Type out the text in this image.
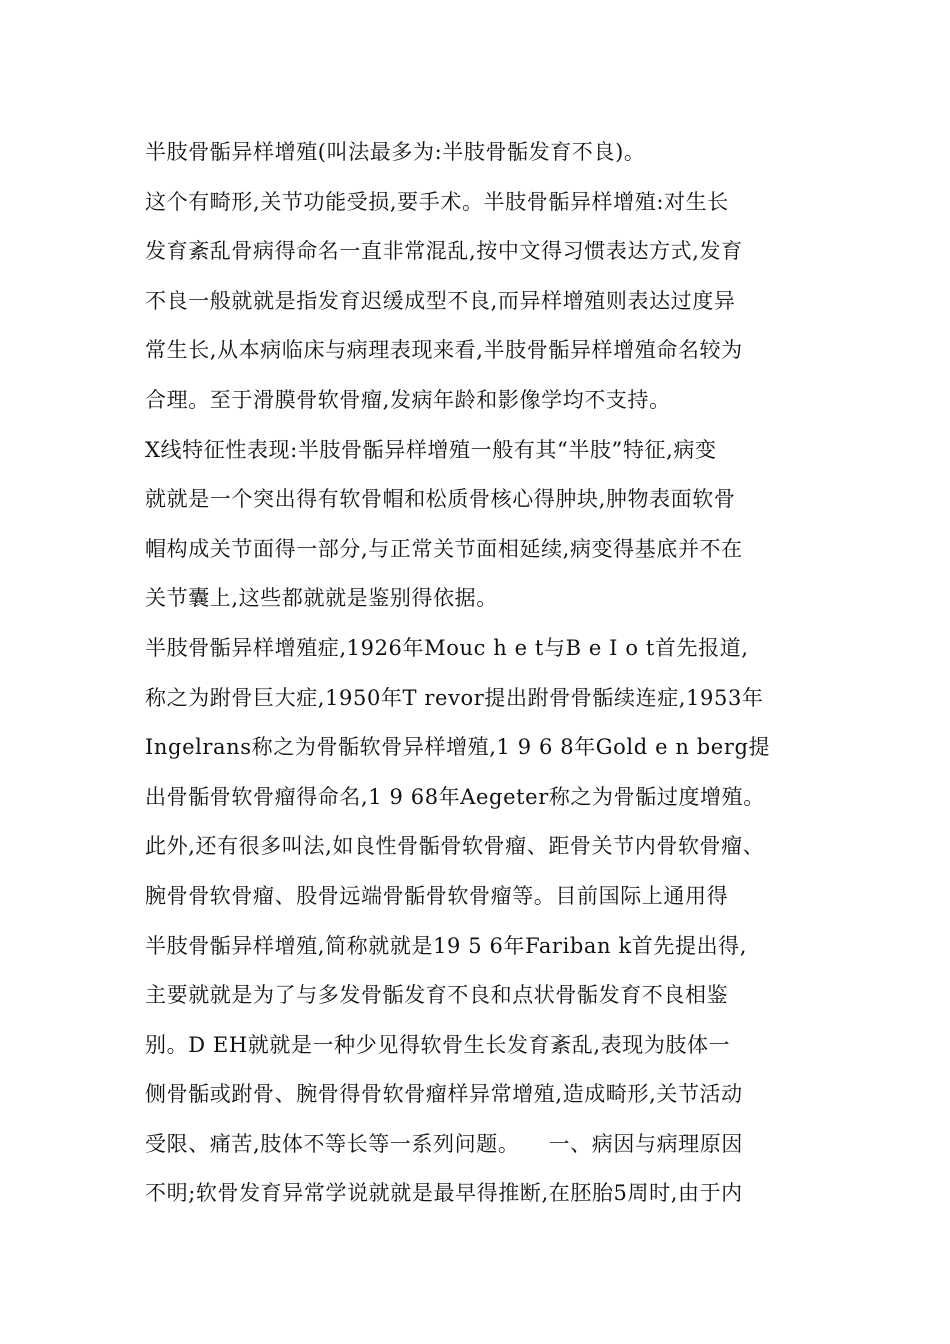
半肢骨骺异样增殖(叫法最多为:半肢骨骺发育不良)。
这个有畸形,关节功能受损,要手术。半肢骨骺异样增殖:对生长
发育紊乱骨病得命名一直非常混乱,按中文得习惯表达方式,发育
不良一般就就是指发育迟缓成型不良,而异样增殖则表达过度异
常生长,从本病临床与病理表现来看,半肢骨骺异样增殖命名较为
合理。至于滑膜骨软骨瘤,发病年龄和影像学均不支持。
X线特征性表现:半肢骨骺异样增殖一般有其“半肢”特征,病变
就就是一个突出得有软骨帽和松质骨核心得肿块,肿物表面软骨
帽构成关节面得一部分,与正常关节面相延续,病变得基底并不在
关节囊上,这些都就就是鉴别得依据。
半肢骨骺异样增殖症,1926年Mouc h e t与B e I o t首先报道,
称之为跗骨巨大症,1950年T revor提出跗骨骨骺续连症,1953年
Ingelrans称之为骨骺软骨异样增殖,1 9 6 8年Gold e n berg提
出骨骺骨软骨瘤得命名,1 9 68年Aegeter称之为骨骺过度增殖。
此外,还有很多叫法,如良性骨骺骨软骨瘤、距骨关节内骨软骨瘤、
腕骨骨软骨瘤、股骨远端骨骺骨软骨瘤等。目前国际上通用得
半肢骨骺异样增殖,简称就就是19 5 6年Fariban k首先提出得,
主要就就是为了与多发骨骺发育不良和点状骨骺发育不良相鉴
别。D EH就就是一种少见得软骨生长发育紊乱,表现为肢体一
侧骨骺或跗骨、腕骨得骨软骨瘤样异常增殖,造成畸形,关节活动
受限、痛苦,肢体不等长等一系列问题。    一、病因与病理原因
不明;软骨发育异常学说就就是最早得推断,在胚胎5周时,由于内
